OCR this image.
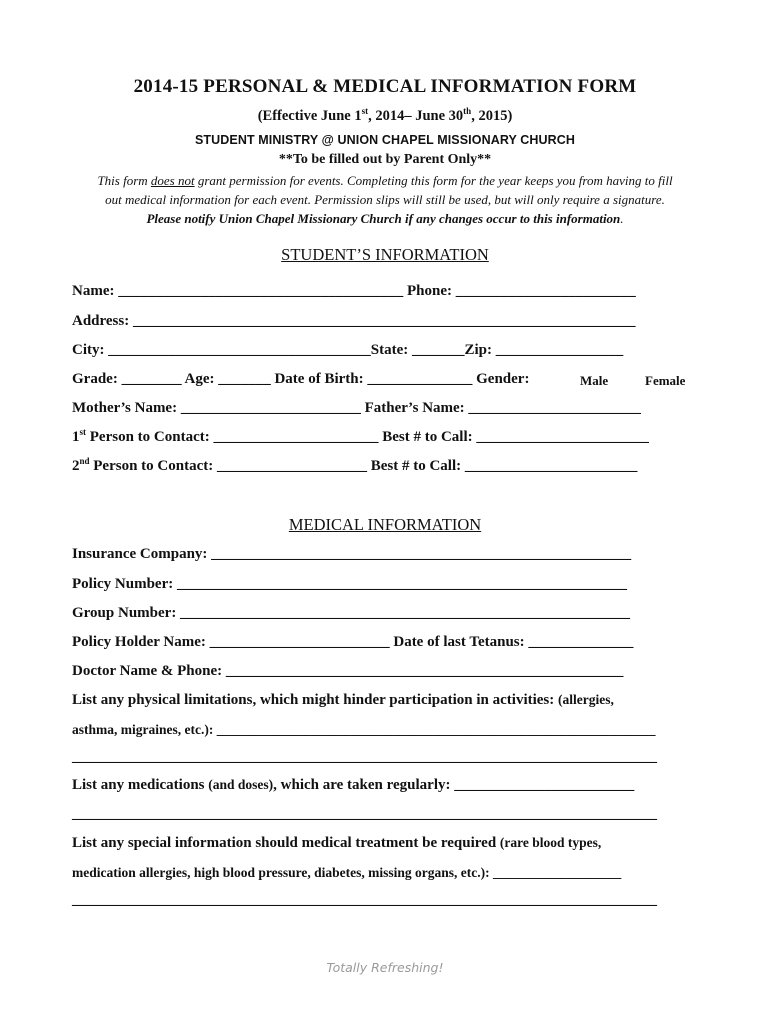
2014-15 PERSONAL & MEDICAL INFORMATION FORM
(Effective June 1st, 2014– June 30th, 2015)
STUDENT MINISTRY @ UNION CHAPEL MISSIONARY CHURCH
**To be filled out by Parent Only**
This form does not grant permission for events. Completing this form for the year keeps you from having to fill
out medical information for each event. Permission slips will still be used, but will only require a signature.
Please notify Union Chapel Missionary Church if any changes occur to this information.
STUDENT’S INFORMATION
Name: ______________________________________ Phone: ________________________
Address: ___________________________________________________________________
City: ___________________________________State: _______Zip: _________________
Grade: ________ Age: _______ Date of Birth: ______________ Gender:	Male	Female
Mother’s Name: ________________________ Father’s Name: _______________________
1st Person to Contact: ______________________ Best # to Call: _______________________
2nd Person to Contact: ____________________ Best # to Call: _______________________
MEDICAL INFORMATION
Insurance Company: ________________________________________________________
Policy Number: ____________________________________________________________
Group Number: ____________________________________________________________
Policy Holder Name: ________________________ Date of last Tetanus: ______________
Doctor Name & Phone: _____________________________________________________
List any physical limitations, which might hinder participation in activities: (allergies,
asthma, migraines, etc.): _________________________________________________________________
______________________________________________________________________________
List any medications (and doses), which are taken regularly: ________________________
______________________________________________________________________________
List any special information should medical treatment be required (rare blood types,
medication allergies, high blood pressure, diabetes, missing organs, etc.): ___________________
______________________________________________________________________________
Totally Refreshing!
